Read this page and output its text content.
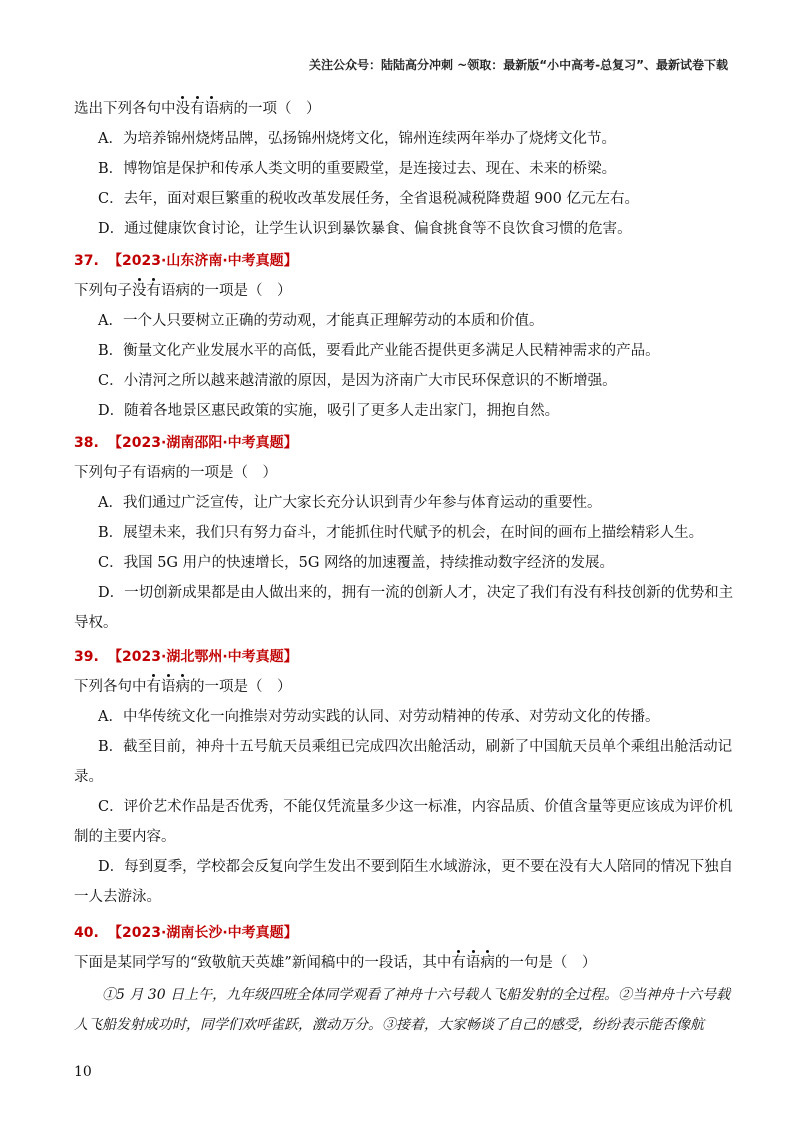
关注公众号：陆陆高分冲刺 ~领取：最新版“小中高考-总复习”、最新试卷下载

选出下列各句中没有语病的一项（　）

A．为培养锦州烧烤品牌，弘扬锦州烧烤文化，锦州连续两年举办了烧烤文化节。

B．博物馆是保护和传承人类文明的重要殿堂，是连接过去、现在、未来的桥梁。

C．去年，面对艰巨繁重的税收改革发展任务，全省退税减税降费超 900 亿元左右。

D．通过健康饮食讨论，让学生认识到暴饮暴食、偏食挑食等不良饮食习惯的危害。

37. 【2023·山东济南·中考真题】

下列句子没有语病的一项是（　）

A．一个人只要树立正确的劳动观，才能真正理解劳动的本质和价值。

B．衡量文化产业发展水平的高低，要看此产业能否提供更多满足人民精神需求的产品。

C．小清河之所以越来越清澈的原因，是因为济南广大市民环保意识的不断增强。

D．随着各地景区惠民政策的实施，吸引了更多人走出家门，拥抱自然。

38. 【2023·湖南邵阳·中考真题】

下列句子有语病的一项是（　）

A．我们通过广泛宣传，让广大家长充分认识到青少年参与体育运动的重要性。

B．展望未来，我们只有努力奋斗，才能抓住时代赋予的机会，在时间的画布上描绘精彩人生。

C．我国 5G 用户的快速增长，5G 网络的加速覆盖，持续推动数字经济的发展。

D．一切创新成果都是由人做出来的，拥有一流的创新人才，决定了我们有没有科技创新的优势和主

导权。

39. 【2023·湖北鄂州·中考真题】

下列各句中有语病的一项是（　）

A．中华传统文化一向推崇对劳动实践的认同、对劳动精神的传承、对劳动文化的传播。

B．截至目前，神舟十五号航天员乘组已完成四次出舱活动，刷新了中国航天员单个乘组出舱活动记

录。

C．评价艺术作品是否优秀，不能仅凭流量多少这一标准，内容品质、价值含量等更应该成为评价机

制的主要内容。

D．每到夏季，学校都会反复向学生发出不要到陌生水域游泳，更不要在没有大人陪同的情况下独自

一人去游泳。

40. 【2023·湖南长沙·中考真题】

下面是某同学写的“致敬航天英雄”新闻稿中的一段话，其中有语病的一句是（　）

①5 月 30 日上午，九年级四班全体同学观看了神舟十六号载人飞船发射的全过程。②当神舟十六号载人飞船发射成功时，同学们欢呼雀跃，激动万分。③接着，大家畅谈了自己的感受，纷纷表示能否像航
10
